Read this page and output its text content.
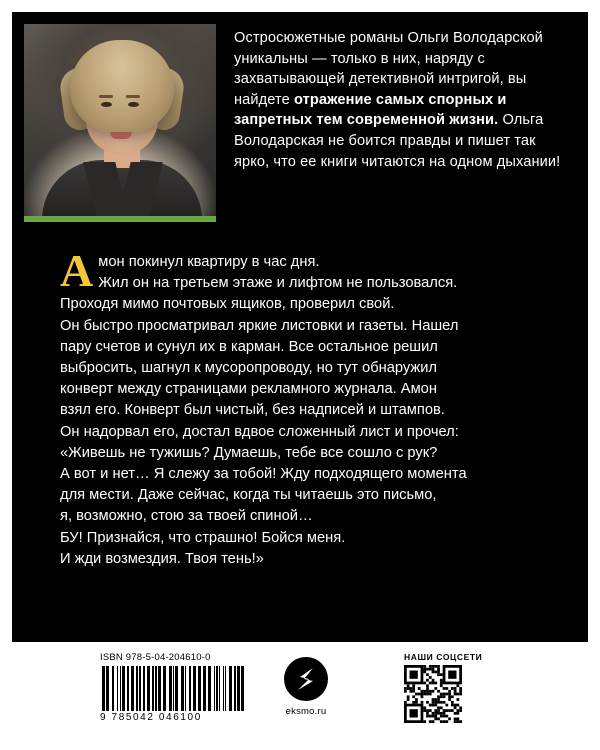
Остросюжетные романы Ольги Володарской уникальны — только в них, наряду с захватывающей детективной интригой, вы найдете отражение самых спорных и запретных тем современной жизни. Ольга Володарская не боится правды и пишет так ярко, что ее книги читаются на одном дыхании!

А мон покинул квартиру в час дня.

Жил он на третьем этаже и лифтом не пользовался.
Проходя мимо почтовых ящиков, проверил свой.
Он быстро просматривал яркие листовки и газеты. Нашел
пару счетов и сунул их в карман. Все остальное решил
выбросить, шагнул к мусоропроводу, но тут обнаружил
конверт между страницами рекламного журнала. Амон
взял его. Конверт был чистый, без надписей и штампов.
Он надорвал его, достал вдвое сложенный лист и прочел:
«Живешь не тужишь? Думаешь, тебе все сошло с рук?
А вот и нет… Я слежу за тобой! Жду подходящего момента
для мести. Даже сейчас, когда ты читаешь это письмо,
я, возможно, стою за твоей спиной…
БУ! Признайся, что страшно! Бойся меня.
И жди возмездия. Твоя тень!»
ISBN 978-5-04-204610-0
9 785042 046100
eksmo.ru
НАШИ СОЦСЕТИ
